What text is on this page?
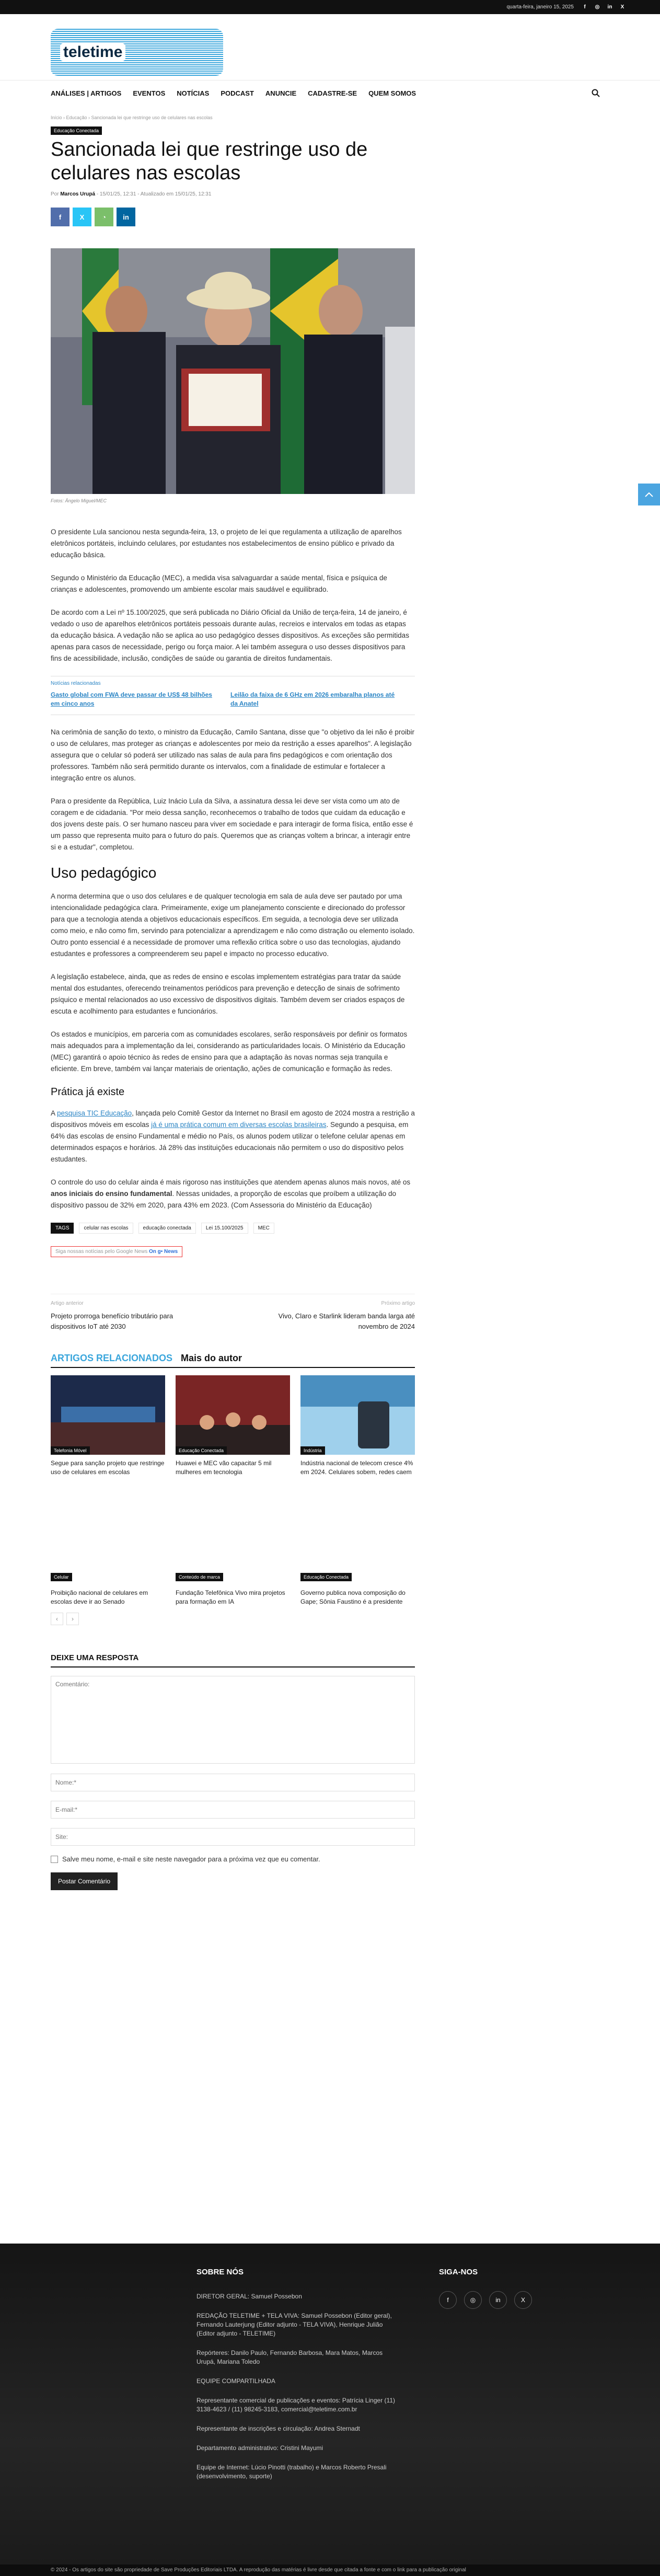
quarta-feira, janeiro 15, 2025	f	◎ in	X
teletime
ANÁLISES | ARTIGOS EVENTOS NOTÍCIAS PODCAST ANUNCIE CADASTRE-SE QUEM SOMOS
Início › Educação › Sancionada lei que restringe uso de celulares nas escolas
Educação Conectada
Sancionada lei que restringe uso de celulares nas escolas
Por Marcos Urupá - 15/01/25, 12:31 - Atualizado em 15/01/25, 12:31
f	X	◔	in
Fotos: Ângelo Miguel/MEC

O presidente Lula sancionou nesta segunda-feira, 13, o projeto de lei que regulamenta a utilização de aparelhos eletrônicos portáteis, incluindo celulares, por estudantes nos estabelecimentos de ensino público e privado da educação básica.

Segundo o Ministério da Educação (MEC), a medida visa salvaguardar a saúde mental, física e psíquica de crianças e adolescentes, promovendo um ambiente escolar mais saudável e equilibrado.

De acordo com a Lei nº 15.100/2025, que será publicada no Diário Oficial da União de terça-feira, 14 de janeiro, é vedado o uso de aparelhos eletrônicos portáteis pessoais durante aulas, recreios e intervalos em todas as etapas da educação básica. A vedação não se aplica ao uso pedagógico desses dispositivos. As exceções são permitidas apenas para casos de necessidade, perigo ou força maior. A lei também assegura o uso desses dispositivos para fins de acessibilidade, inclusão, condições de saúde ou garantia de direitos fundamentais.

Notícias relacionadas
Gasto global com FWA deve passar de US$ 48 bilhões em cinco anos
Leilão da faixa de 6 GHz em 2026 embaralha planos até da Anatel

Na cerimônia de sanção do texto, o ministro da Educação, Camilo Santana, disse que "o objetivo da lei não é proibir o uso de celulares, mas proteger as crianças e adolescentes por meio da restrição a esses aparelhos". A legislação assegura que o celular só poderá ser utilizado nas salas de aula para fins pedagógicos e com orientação dos professores. Também não será permitido durante os intervalos, com a finalidade de estimular e fortalecer a integração entre os alunos.

Para o presidente da República, Luiz Inácio Lula da Silva, a assinatura dessa lei deve ser vista como um ato de coragem e de cidadania. "Por meio dessa sanção, reconhecemos o trabalho de todos que cuidam da educação e dos jovens deste país. O ser humano nasceu para viver em sociedade e para interagir de forma física, então esse é um passo que representa muito para o futuro do país. Queremos que as crianças voltem a brincar, a interagir entre si e a estudar", completou.

Uso pedagógico

A norma determina que o uso dos celulares e de qualquer tecnologia em sala de aula deve ser pautado por uma intencionalidade pedagógica clara. Primeiramente, exige um planejamento consciente e direcionado do professor para que a tecnologia atenda a objetivos educacionais específicos. Em seguida, a tecnologia deve ser utilizada como meio, e não como fim, servindo para potencializar a aprendizagem e não como distração ou elemento isolado. Outro ponto essencial é a necessidade de promover uma reflexão crítica sobre o uso das tecnologias, ajudando estudantes e professores a compreenderem seu papel e impacto no processo educativo.

A legislação estabelece, ainda, que as redes de ensino e escolas implementem estratégias para tratar da saúde mental dos estudantes, oferecendo treinamentos periódicos para prevenção e detecção de sinais de sofrimento psíquico e mental relacionados ao uso excessivo de dispositivos digitais. Também devem ser criados espaços de escuta e acolhimento para estudantes e funcionários.

Os estados e municípios, em parceria com as comunidades escolares, serão responsáveis por definir os formatos mais adequados para a implementação da lei, considerando as particularidades locais. O Ministério da Educação (MEC) garantirá o apoio técnico às redes de ensino para que a adaptação às novas normas seja tranquila e eficiente. Em breve, também vai lançar materiais de orientação, ações de comunicação e formação às redes.

Prática já existe

A pesquisa TIC Educação, lançada pelo Comitê Gestor da Internet no Brasil em agosto de 2024 mostra a restrição a dispositivos móveis em escolas já é uma prática comum em diversas escolas brasileiras. Segundo a pesquisa, em 64% das escolas de ensino Fundamental e médio no País, os alunos podem utilizar o telefone celular apenas em determinados espaços e horários. Já 28% das instituições educacionais não permitem o uso do dispositivo pelos estudantes.

O controle do uso do celular ainda é mais rigoroso nas instituições que atendem apenas alunos mais novos, até os anos iniciais do ensino fundamental. Nessas unidades, a proporção de escolas que proíbem a utilização do dispositivo passou de 32% em 2020, para 43% em 2023. (Com Assessoria do Ministério da Educação)

TAGS	celular nas escolas	educação conectada	Lei 15.100/2025	MEC
Siga nossas notícias pelo Google News On g• News
Artigo anterior
Projeto prorroga benefício tributário para dispositivos IoT até 2030
Próximo artigo
Vivo, Claro e Starlink lideram banda larga até novembro de 2024
ARTIGOS RELACIONADOS Mais do autor
Telefonia Móvel
Segue para sanção projeto que restringe uso de celulares em escolas
Educação Conectada
Huawei e MEC vão capacitar 5 mil mulheres em tecnologia
Indústria
Indústria nacional de telecom cresce 4% em 2024. Celulares sobem, redes caem
Celular
Proibição nacional de celulares em escolas deve ir ao Senado
Conteúdo de marca
Fundação Telefônica Vivo mira projetos para formação em IA
Educação Conectada
Governo publica nova composição do Gape; Sônia Faustino é a presidente
‹	›
DEIXE UMA RESPOSTA
Comentário:
Nome:*
E-mail:*
Site:
Salve meu nome, e-mail e site neste navegador para a próxima vez que eu comentar.
Postar Comentário
SOBRE NÓS

DIRETOR GERAL: Samuel Possebon

REDAÇÃO TELETIME + TELA VIVA: Samuel Possebon (Editor geral), Fernando Lauterjung (Editor adjunto - TELA VIVA), Henrique Julião (Editor adjunto - TELETIME)

Repórteres: Danilo Paulo, Fernando Barbosa, Mara Matos, Marcos Urupá, Mariana Toledo

EQUIPE COMPARTILHADA

Representante comercial de publicações e eventos: Patrícia Linger (11) 3138-4623 / (11) 98245-3183, comercial@teletime.com.br

Representante de inscrições e circulação: Andrea Sternadt

Departamento administrativo: Cristini Mayumi

Equipe de Internet: Lúcio Pinotti (trabalho) e Marcos Roberto Presali (desenvolvimento, suporte)

SIGA-NOS
f	◎	in	X
© 2024 - Os artigos do site são propriedade de Save Produções Editoriais LTDA. A reprodução das matérias é livre desde que citada a fonte e com o link para a publicação original
